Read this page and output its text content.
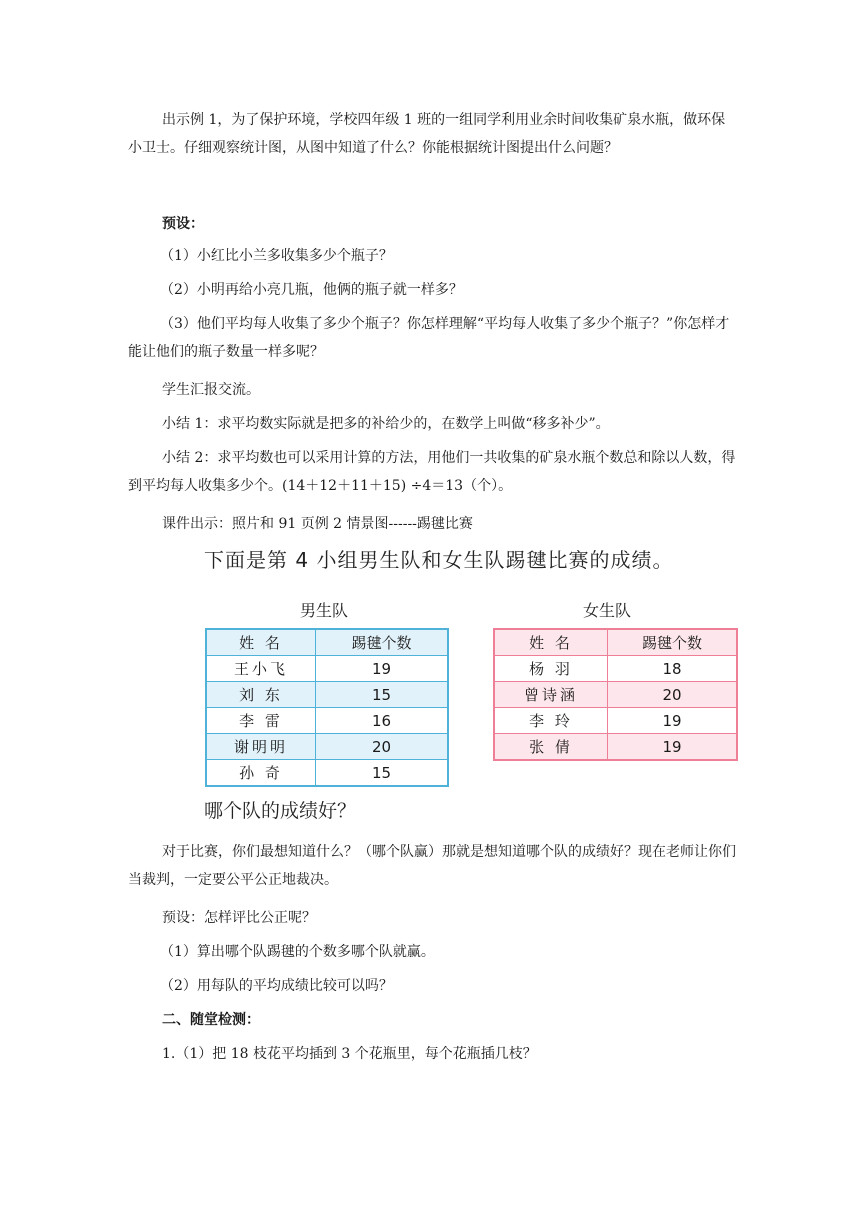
出示例 1，为了保护环境，学校四年级 1 班的一组同学利用业余时间收集矿泉水瓶，做环保小卫士。仔细观察统计图，从图中知道了什么？你能根据统计图提出什么问题？

预设：

（1）小红比小兰多收集多少个瓶子？

（2）小明再给小亮几瓶，他俩的瓶子就一样多？

（3）他们平均每人收集了多少个瓶子？你怎样理解“平均每人收集了多少个瓶子？”你怎样才能让他们的瓶子数量一样多呢？

学生汇报交流。

小结 1：求平均数实际就是把多的补给少的，在数学上叫做“移多补少”。

小结 2：求平均数也可以采用计算的方法，用他们一共收集的矿泉水瓶个数总和除以人数，得到平均每人收集多少个。(14＋12＋11＋15) ÷4＝13（个）。

课件出示：照片和 91 页例 2 情景图------踢毽比赛

下面是第 4 小组男生队和女生队踢毽比赛的成绩。
男生队
姓 名	踢毽个数
王小飞	19
刘 东	15
李 雷	16
谢明明	20
孙 奇	15
女生队
姓 名	踢毽个数
杨 羽	18
曾诗涵	20
李 玲	19
张 倩	19
哪个队的成绩好？

对于比赛，你们最想知道什么？（哪个队赢）那就是想知道哪个队的成绩好？现在老师让你们当裁判，一定要公平公正地裁决。

预设：怎样评比公正呢？

（1）算出哪个队踢毽的个数多哪个队就赢。

（2）用每队的平均成绩比较可以吗？

二、随堂检测：

1.（1）把 18 枝花平均插到 3 个花瓶里，每个花瓶插几枝？
